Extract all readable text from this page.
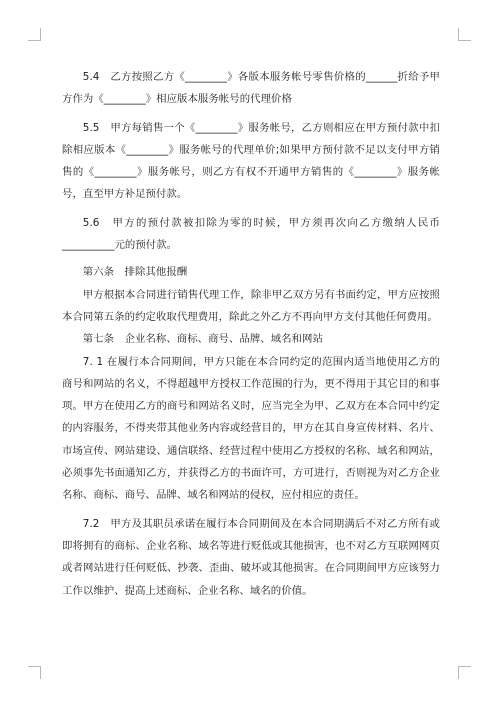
5.4　乙方按照乙方《________》各版本服务帐号零售价格的______折给予甲方作为《________》相应版本服务帐号的代理价格

5.5　甲方每销售一个《________》服务帐号，乙方则相应在甲方预付款中扣除相应版本《________》服务帐号的代理单价;如果甲方预付款不足以支付甲方销售的《________》服务帐号，则乙方有权不开通甲方销售的《________》服务帐号，直至甲方补足预付款。

5.6　甲方的预付款被扣除为零的时候，甲方须再次向乙方缴纳人民币__________元的预付款。

第六条　排除其他报酬

甲方根据本合同进行销售代理工作，除非甲乙双方另有书面约定，甲方应按照本合同第五条的约定收取代理费用，除此之外乙方不再向甲方支付其他任何费用。

第七条　企业名称、商标、商号、品牌、域名和网站

7. 1 在履行本合同期间，甲方只能在本合同约定的范围内适当地使用乙方的商号和网站的名义，不得超越甲方授权工作范围的行为，更不得用于其它目的和事项。甲方在使用乙方的商号和网站名义时，应当完全为甲、乙双方在本合同中约定的内容服务，不得夹带其他业务内容或经营目的，甲方在其自身宣传材料、名片、市场宣传、网站建设、通信联络、经营过程中使用乙方授权的名称、域名和网站，必须事先书面通知乙方，并获得乙方的书面许可，方可进行，否则视为对乙方企业名称、商标、商号、品牌、域名和网站的侵权，应付相应的责任。

7.2　甲方及其职员承诺在履行本合同期间及在本合同期满后不对乙方所有或即将拥有的商标、企业名称、域名等进行贬低或其他损害，也不对乙方互联网网页或者网站进行任何贬低、抄袭、歪曲、破坏或其他损害。在合同期间甲方应该努力工作以维护、提高上述商标、企业名称、域名的价值。
